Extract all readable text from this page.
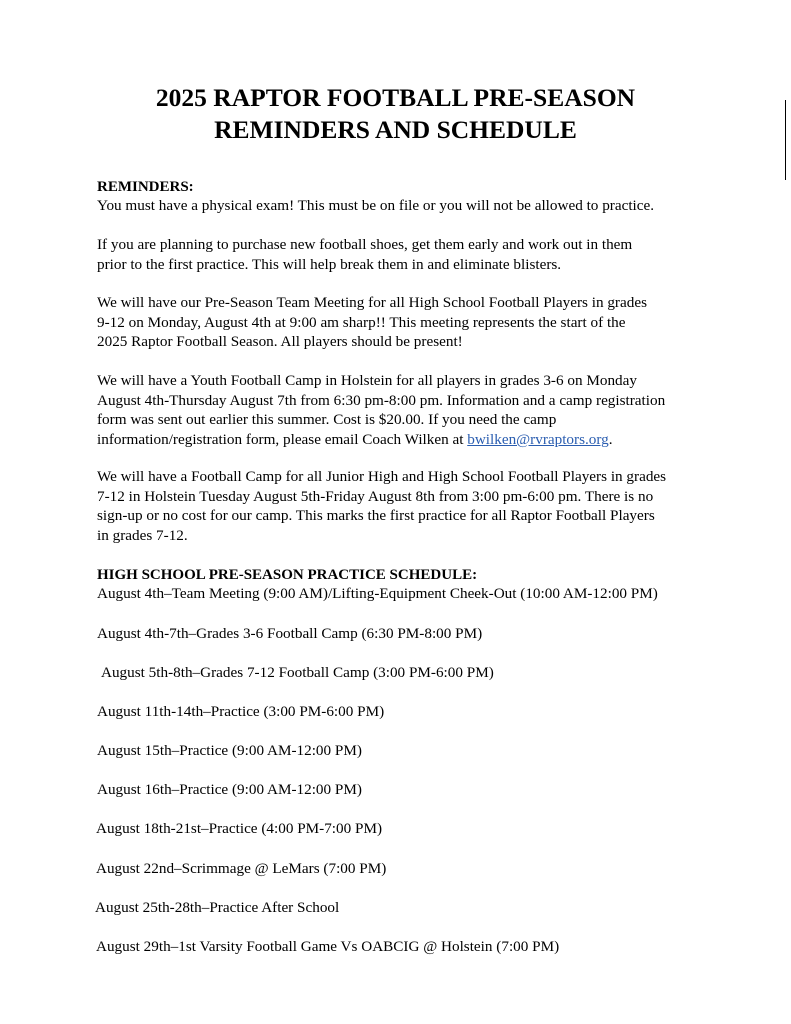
2025 RAPTOR FOOTBALL PRE-SEASON
REMINDERS AND SCHEDULE
REMINDERS:
You must have a physical exam! This must be on file or you will not be allowed to practice.
If you are planning to purchase new football shoes, get them early and work out in them
prior to the first practice. This will help break them in and eliminate blisters.
We will have our Pre-Season Team Meeting for all High School Football Players in grades
9-12 on Monday, August 4th at 9:00 am sharp!! This meeting represents the start of the
2025 Raptor Football Season. All players should be present!
We will have a Youth Football Camp in Holstein for all players in grades 3-6 on Monday
August 4th-Thursday August 7th from 6:30 pm-8:00 pm. Information and a camp registration
form was sent out earlier this summer. Cost is $20.00. If you need the camp
information/registration form, please email Coach Wilken at bwilken@rvraptors.org.
We will have a Football Camp for all Junior High and High School Football Players in grades
7-12 in Holstein Tuesday August 5th-Friday August 8th from 3:00 pm-6:00 pm. There is no
sign-up or no cost for our camp. This marks the first practice for all Raptor Football Players
in grades 7-12.
HIGH SCHOOL PRE-SEASON PRACTICE SCHEDULE:
August 4th–Team Meeting (9:00 AM)/Lifting-Equipment Cheek-Out (10:00 AM-12:00 PM)
August 4th-7th–Grades 3-6 Football Camp (6:30 PM-8:00 PM)
August 5th-8th–Grades 7-12 Football Camp (3:00 PM-6:00 PM)
August 11th-14th–Practice (3:00 PM-6:00 PM)
August 15th–Practice (9:00 AM-12:00 PM)
August 16th–Practice (9:00 AM-12:00 PM)
August 18th-21st–Practice (4:00 PM-7:00 PM)
August 22nd–Scrimmage @ LeMars (7:00 PM)
August 25th-28th–Practice After School
August 29th–1st Varsity Football Game Vs OABCIG @ Holstein (7:00 PM)
